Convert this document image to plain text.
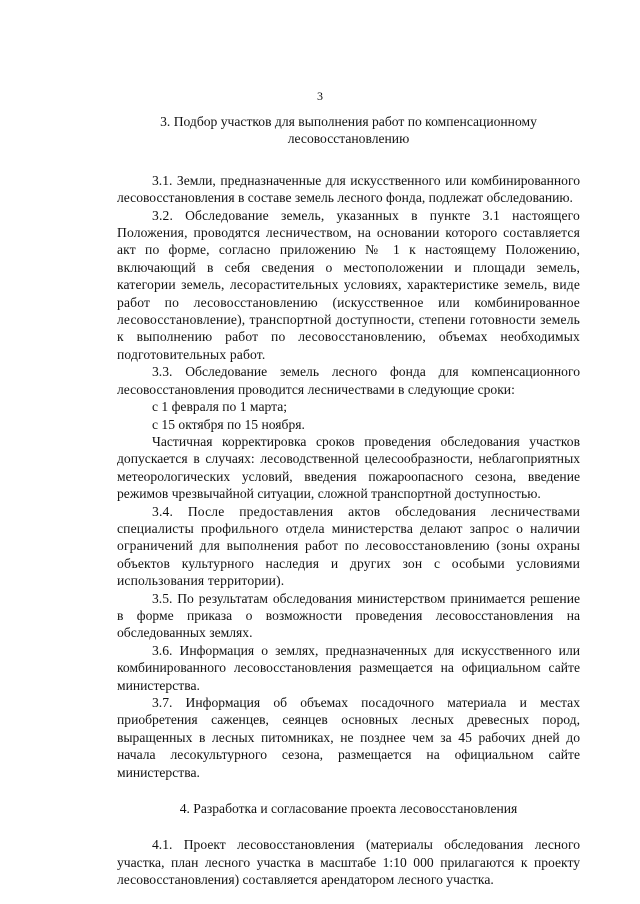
3
3. Подбор участков для выполнения работ по компенсационному
лесовосстановлению

3.1. Земли, предназначенные для искусственного или комбинированного лесовосстановления в составе земель лесного фонда, подлежат обследованию.

3.2. Обследование земель, указанных в пункте 3.1 настоящего Положения, проводятся лесничеством, на основании которого составляется акт по форме, согласно приложению № 1 к настоящему Положению, включающий в себя сведения о местоположении и площади земель, категории земель, лесорастительных условиях, характеристике земель, виде работ по лесовосстановлению (искусственное или комбинированное лесовосстановление), транспортной доступности, степени готовности земель к выполнению работ по лесовосстановлению, объемах необходимых подготовительных работ.

3.3. Обследование земель лесного фонда для компенсационного лесовосстановления проводится лесничествами в следующие сроки:

с 1 февраля по 1 марта;

с 15 октября по 15 ноября.

Частичная корректировка сроков проведения обследования участков допускается в случаях: лесоводственной целесообразности, неблагоприятных метеорологических условий, введения пожароопасного сезона, введение режимов чрезвычайной ситуации, сложной транспортной доступностью.

3.4. После предоставления актов обследования лесничествами специалисты профильного отдела министерства делают запрос о наличии ограничений для выполнения работ по лесовосстановлению (зоны охраны объектов культурного наследия и других зон с особыми условиями использования территории).

3.5. По результатам обследования министерством принимается решение в форме приказа о возможности проведения лесовосстановления на обследованных землях.

3.6. Информация о землях, предназначенных для искусственного или комбинированного лесовосстановления размещается на официальном сайте министерства.

3.7. Информация об объемах посадочного материала и местах приобретения саженцев, сеянцев основных лесных древесных пород, выращенных в лесных питомниках, не позднее чем за 45 рабочих дней до начала лесокультурного сезона, размещается на официальном сайте министерства.

4. Разработка и согласование проекта лесовосстановления

4.1. Проект лесовосстановления (материалы обследования лесного участка, план лесного участка в масштабе 1:10 000 прилагаются к проекту лесовосстановления) составляется арендатором лесного участка.
